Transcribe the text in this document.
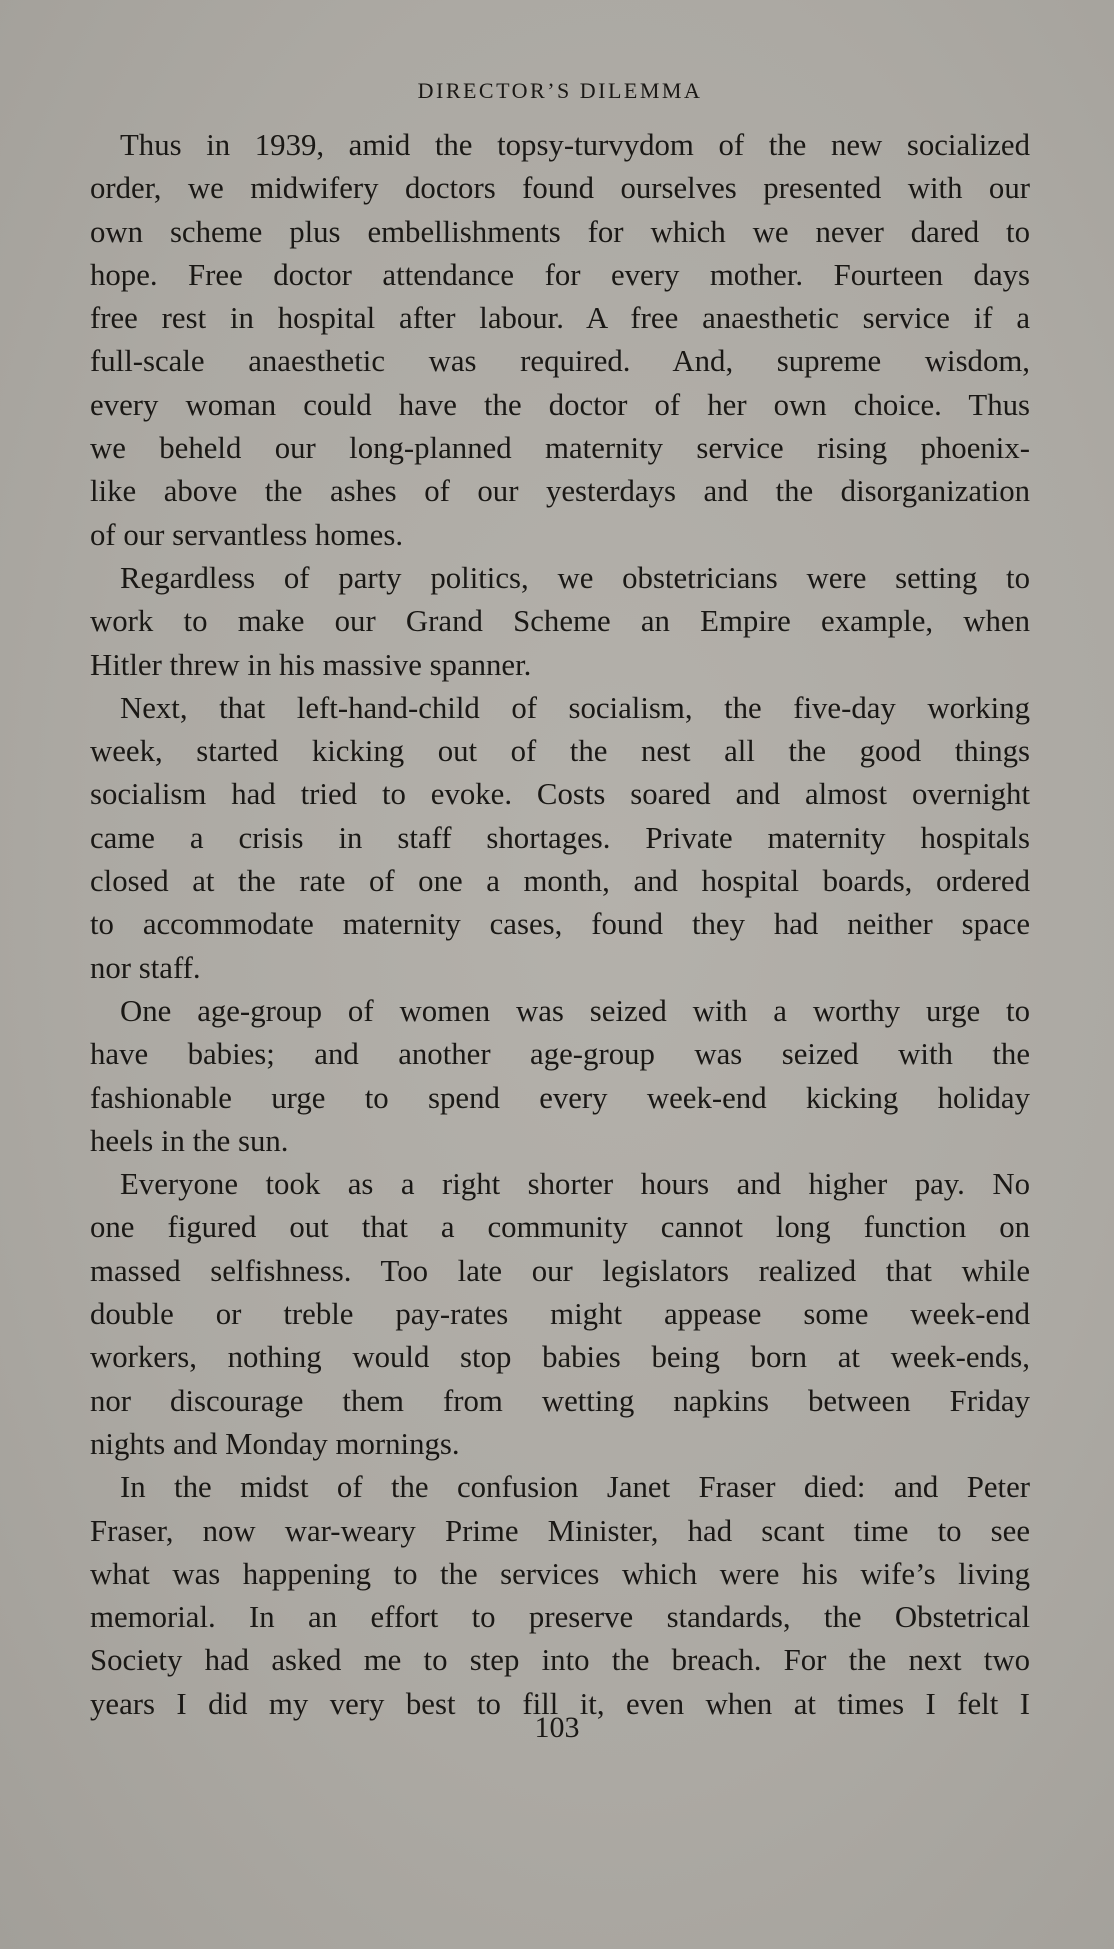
DIRECTOR’S DILEMMA
Thus in 1939, amid the topsy-turvydom of the new socialized
order, we midwifery doctors found ourselves presented with our
own scheme plus embellishments for which we never dared to
hope. Free doctor attendance for every mother. Fourteen days
free rest in hospital after labour. A free anaesthetic service if a
full-scale anaesthetic was required. And, supreme wisdom,
every woman could have the doctor of her own choice. Thus
we beheld our long-planned maternity service rising phoenix-
like above the ashes of our yesterdays and the disorganization
of our servantless homes.
Regardless of party politics, we obstetricians were setting to
work to make our Grand Scheme an Empire example, when
Hitler threw in his massive spanner.
Next, that left-hand-child of socialism, the five-day working
week, started kicking out of the nest all the good things
socialism had tried to evoke. Costs soared and almost overnight
came a crisis in staff shortages. Private maternity hospitals
closed at the rate of one a month, and hospital boards, ordered
to accommodate maternity cases, found they had neither space
nor staff.
One age-group of women was seized with a worthy urge to
have babies; and another age-group was seized with the
fashionable urge to spend every week-end kicking holiday
heels in the sun.
Everyone took as a right shorter hours and higher pay. No
one figured out that a community cannot long function on
massed selfishness. Too late our legislators realized that while
double or treble pay-rates might appease some week-end
workers, nothing would stop babies being born at week-ends,
nor discourage them from wetting napkins between Friday
nights and Monday mornings.
In the midst of the confusion Janet Fraser died: and Peter
Fraser, now war-weary Prime Minister, had scant time to see
what was happening to the services which were his wife’s living
memorial. In an effort to preserve standards, the Obstetrical
Society had asked me to step into the breach. For the next two
years I did my very best to fill it, even when at times I felt I
103
